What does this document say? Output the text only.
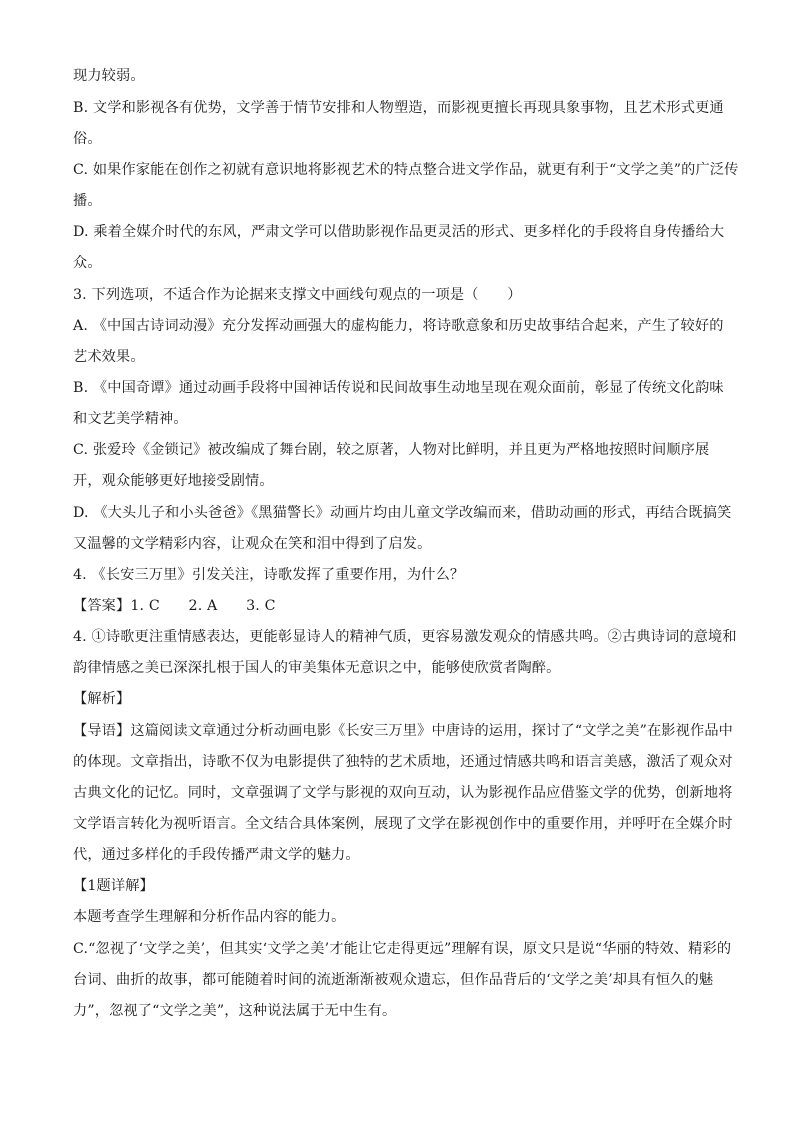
现力较弱。
B. 文学和影视各有优势，文学善于情节安排和人物塑造，而影视更擅长再现具象事物，且艺术形式更通
俗。
C. 如果作家能在创作之初就有意识地将影视艺术的特点整合进文学作品，就更有利于“文学之美”的广泛传
播。
D. 乘着全媒介时代的东风，严肃文学可以借助影视作品更灵活的形式、更多样化的手段将自身传播给大
众。
3. 下列选项，不适合作为论据来支撑文中画线句观点的一项是（　　）
A. 《中国古诗词动漫》充分发挥动画强大的虚构能力，将诗歌意象和历史故事结合起来，产生了较好的
艺术效果。
B. 《中国奇谭》通过动画手段将中国神话传说和民间故事生动地呈现在观众面前，彰显了传统文化韵味
和文艺美学精神。
C. 张爱玲《金锁记》被改编成了舞台剧，较之原著，人物对比鲜明，并且更为严格地按照时间顺序展
开，观众能够更好地接受剧情。
D. 《大头儿子和小头爸爸》《黑猫警长》动画片均由儿童文学改编而来，借助动画的形式，再结合既搞笑
又温馨的文学精彩内容，让观众在笑和泪中得到了启发。
4. 《长安三万里》引发关注，诗歌发挥了重要作用，为什么？
【答案】1. C　　2. A　　3. C
4. ①诗歌更注重情感表达，更能彰显诗人的精神气质，更容易激发观众的情感共鸣。②古典诗词的意境和
韵律情感之美已深深扎根于国人的审美集体无意识之中，能够使欣赏者陶醉。
【解析】
【导语】这篇阅读文章通过分析动画电影《长安三万里》中唐诗的运用，探讨了“文学之美”在影视作品中
的体现。文章指出，诗歌不仅为电影提供了独特的艺术质地，还通过情感共鸣和语言美感，激活了观众对
古典文化的记忆。同时，文章强调了文学与影视的双向互动，认为影视作品应借鉴文学的优势，创新地将
文学语言转化为视听语言。全文结合具体案例，展现了文学在影视创作中的重要作用，并呼吁在全媒介时
代，通过多样化的手段传播严肃文学的魅力。
【1题详解】
本题考查学生理解和分析作品内容的能力。
C.“忽视了‘文学之美’，但其实‘文学之美’才能让它走得更远”理解有误，原文只是说“华丽的特效、精彩的
台词、曲折的故事，都可能随着时间的流逝渐渐被观众遗忘，但作品背后的‘文学之美’却具有恒久的魅
力”，忽视了“文学之美”，这种说法属于无中生有。
